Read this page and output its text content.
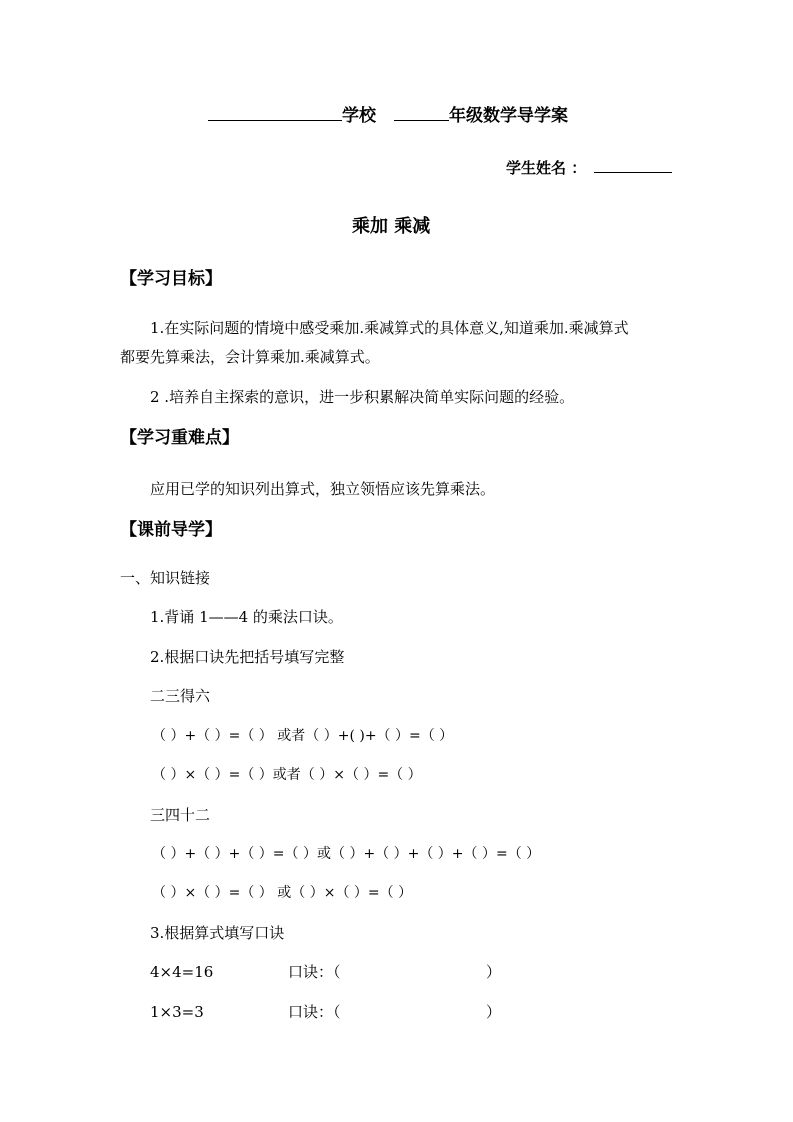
学校	年级数学导学案
学生姓名 ：
乘加 乘减
【学习目标】
1.在实际问题的情境中感受乘加.乘减算式的具体意义,知道乘加.乘减算式
都要先算乘法，会计算乘加.乘减算式。
2 .培养自主探索的意识，进一步积累解决简单实际问题的经验。
【学习重难点】
应用已学的知识列出算式，独立领悟应该先算乘法。
【课前导学】
一、知识链接
1.背诵 1——4 的乘法口诀。
2.根据口诀先把括号填写完整
二三得六
（ ）+（ ）=（ ） 或者（ ）+( )+（ ）=（ ）
（ ）×（ ）=（ ）或者（ ）×（ ）=（ ）
三四十二
（ ）+（ ）+（ ）=（ ）或（ ）+（ ）+（ ）+（ ）=（ ）
（ ）×（ ）=（ ） 或（ ）×（ ）=（ ）
3.根据算式填写口诀
4×4=16	口诀：（	）
1×3=3	口诀：（	）
